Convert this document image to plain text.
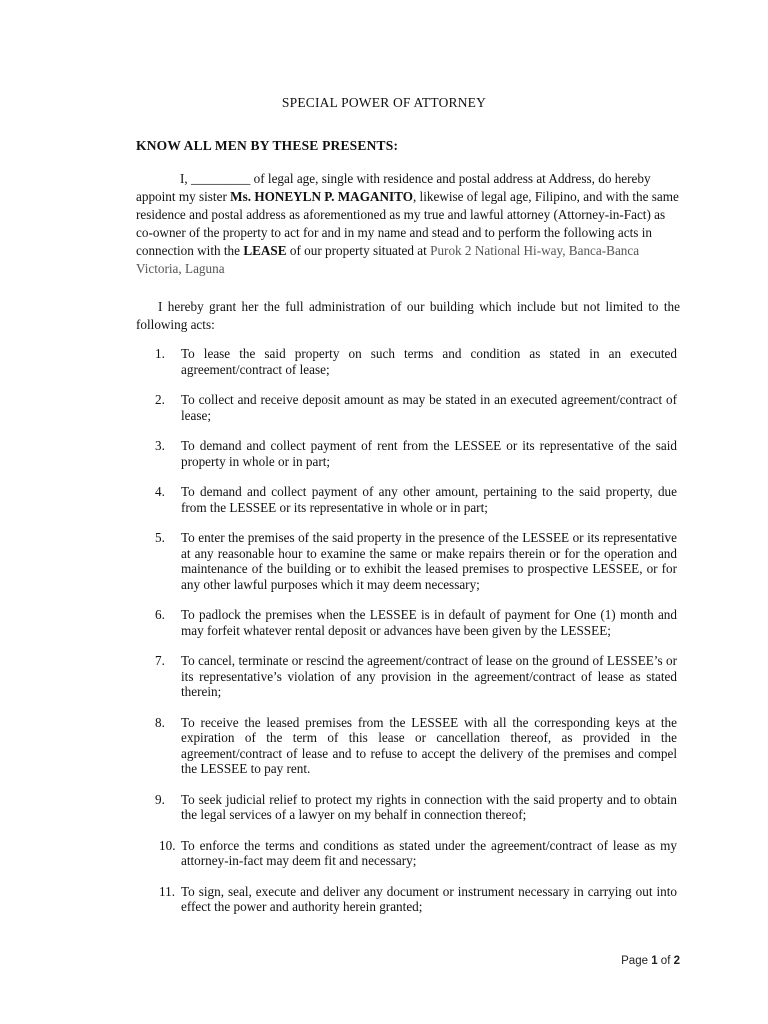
SPECIAL POWER OF ATTORNEY

KNOW ALL MEN BY THESE PRESENTS:

I, _________ of legal age, single with residence and postal address at Address, do hereby appoint my sister Ms. HONEYLN P. MAGANITO, likewise of legal age, Filipino, and with the same residence and postal address as aforementioned as my true and lawful attorney (Attorney-in-Fact) as co-owner of the property to act for and in my name and stead and to perform the following acts in connection with the LEASE of our property situated at Purok 2 National Hi-way, Banca-Banca Victoria, Laguna

I hereby grant her the full administration of our building which include but not limited to the following acts:

1.	To lease the said property on such terms and condition as stated in an executed agreement/contract of lease;
2.	To collect and receive deposit amount as may be stated in an executed agreement/contract of lease;
3.	To demand and collect payment of rent from the LESSEE or its representative of the said property in whole or in part;
4.	To demand and collect payment of any other amount, pertaining to the said property, due from the LESSEE or its representative in whole or in part;
5.	To enter the premises of the said property in the presence of the LESSEE or its representative at any reasonable hour to examine the same or make repairs therein or for the operation and maintenance of the building or to exhibit the leased premises to prospective LESSEE, or for any other lawful purposes which it may deem necessary;
6.	To padlock the premises when the LESSEE is in default of payment for One (1) month and may forfeit whatever rental deposit or advances have been given by the LESSEE;
7.	To cancel, terminate or rescind the agreement/contract of lease on the ground of LESSEE’s or its representative’s violation of any provision in the agreement/contract of lease as stated therein;
8.	To receive the leased premises from the LESSEE with all the corresponding keys at the expiration of the term of this lease or cancellation thereof, as provided in the agreement/contract of lease and to refuse to accept the delivery of the premises and compel the LESSEE to pay rent.
9.	To seek judicial relief to protect my rights in connection with the said property and to obtain the legal services of a lawyer on my behalf in connection thereof;
10. To enforce the terms and conditions as stated under the agreement/contract of lease as my attorney-in-fact may deem fit and necessary;
11. To sign, seal, execute and deliver any document or instrument necessary in carrying out into effect the power and authority herein granted;
Page 1 of 2
